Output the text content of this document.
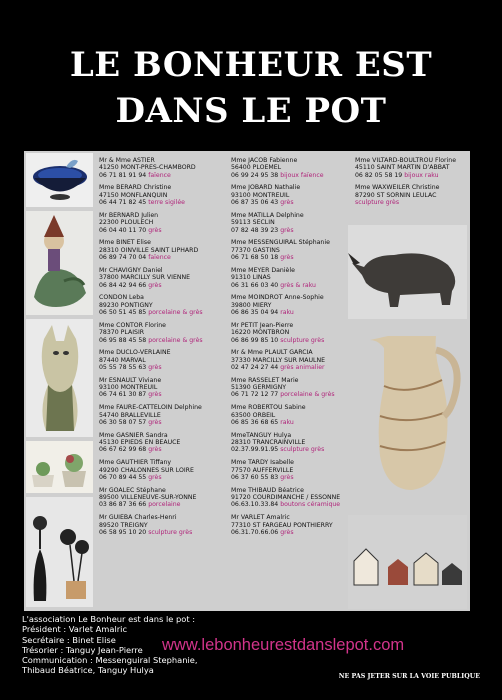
LE BONHEUR EST
DANS LE POT
Mr & Mme ASTIER
41250 MONT-PRES-CHAMBORD
06 71 81 91 94 faïence
Mme BERARD Christine
47150 MONFLANQUIN
06 44 71 82 45 terre sigilée
Mr BERNARD Julien
22300 PLOULECH
06 04 40 11 70 grès
Mme BINET Elise
28310 OINVILLE SAINT LIPHARD
06 89 74 70 04 faïence
Mr CHAVIGNY Daniel
37800 MARCILLY SUR VIENNE
06 84 42 94 66 grès
CONDON Leba
89230 PONTIGNY
06 50 51 45 85 porcelaine & grès
Mme CONTOR Florine
78370 PLAISIR
06 95 88 45 58 porcelaine & grès
Mme DUCLO-VERLAINE
87440 MARVAL
05 55 78 55 63 grès
Mr ESNAULT Viviane
93100 MONTREUIL
06 74 61 30 87 grès
Mme FAURE-CATTELOIN Delphine
54740 BRALLEVILLE
06 30 58 07 57 grès
Mme GASNIER Sandra
45130 EPIEDS EN BEAUCE
06 67 62 99 68 grès
Mme GAUTHIER Tiffany
49290 CHALONNES SUR LOIRE
06 70 89 44 55 grès
Mr GOALEC Stéphane
89500 VILLENEUVE-SUR-YONNE
03 86 87 36 66 porcelaine
Mr GUIEBA Charles-Henri
89520 TREIGNY
06 58 95 10 20 sculpture grès
Mme JACOB Fabienne
56400 PLOEMEL
06 99 24 95 38 bijoux faïence
Mme JOBARD Nathalie
93100 MONTREUIL
06 87 35 06 43 grès
Mme MATILLA Delphine
59113 SECLIN
07 82 48 39 23 grès
Mme MESSENGUIRAL Stéphanie
77370 GASTINS
06 71 68 50 18 grès
Mme MEYER Danièle
91310 LINAS
06 31 66 03 40 grès & raku
Mme MOINDROT Anne-Sophie
39800 MIERY
06 86 35 04 94 raku
Mr PETIT Jean-Pierre
16220 MONTBRON
06 86 99 85 10 sculpture grès
Mr & Mme PLAULT GARCIA
37330 MARCILLY SUR MAULNE
02 47 24 27 44 grès animalier
Mme RASSELET Marie
51390 GERMIGNY
06 71 72 12 77 porcelaine & grès
Mme ROBERTOU Sabine
63500 ORBEIL
06 85 36 68 65 raku
MmeTANGUY Hulya
28310 TRANCRAINVILLE
02.37.99.91.95 sculpture grès
Mme TARDY Isabelle
77570 AUFFERVILLE
06 37 60 55 83 grès
Mme THIBAUD Béatrice
91720 COURDIMANCHE / ESSONNE
06.63.10.33.84 boutons céramique
Mr VARLET Amalric
77310 ST FARGEAU PONTHIERRY
06.31.70.66.06 grès
Mme VILTARD-BOULTROU Florine
45110 SAINT MARTIN D'ABBAT
06 82 05 58 19 bijoux raku
Mme WAXWEILER Christine
87290 ST SORNIN LEULAC
sculpture grès
L'association Le Bonheur est dans le pot :
Président : Varlet Amalric
Secrétaire : Binet Elise
Trésorier : Tanguy Jean-Pierre
Communication : Messenguiral Stephanie,
Thibaud Béatrice, Tanguy Hulya
www.lebonheurestdanslepot.com
NE PAS JETER SUR LA VOIE PUBLIQUE
